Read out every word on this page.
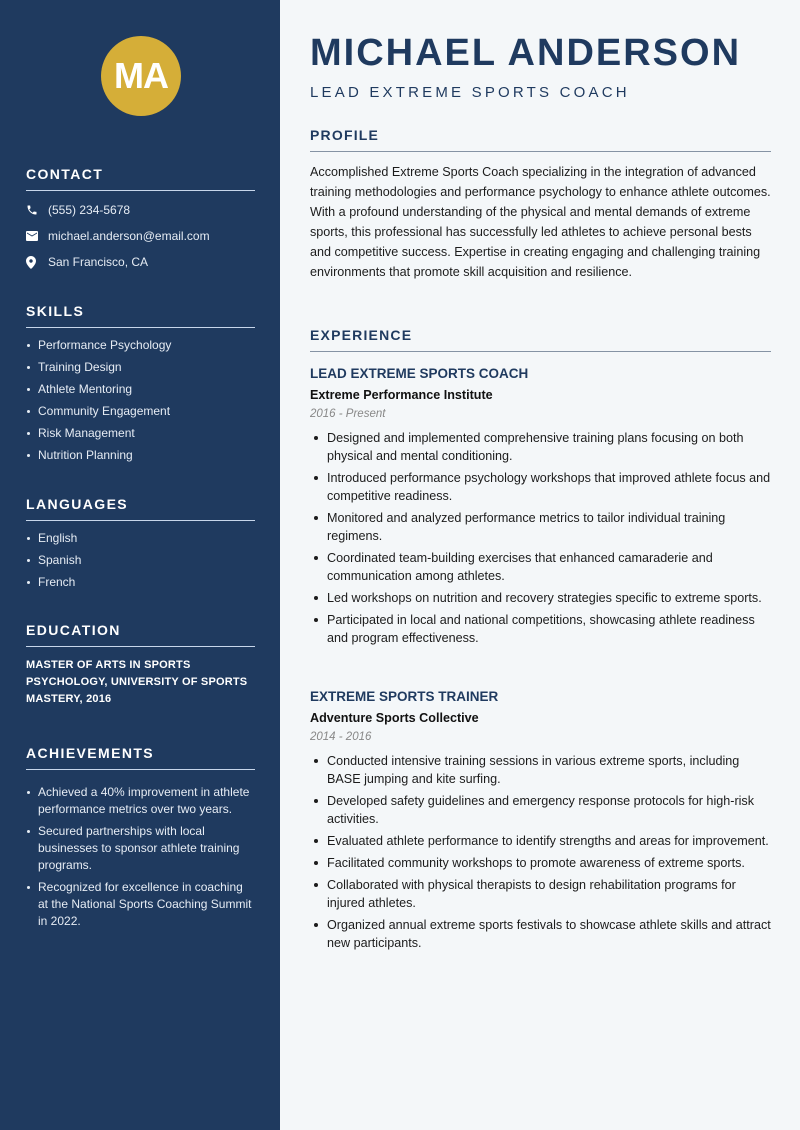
MA
CONTACT
(555) 234-5678
michael.anderson@email.com
San Francisco, CA
SKILLS
Performance Psychology
Training Design
Athlete Mentoring
Community Engagement
Risk Management
Nutrition Planning
LANGUAGES
English
Spanish
French
EDUCATION

MASTER OF ARTS IN SPORTS PSYCHOLOGY, UNIVERSITY OF SPORTS MASTERY, 2016

ACHIEVEMENTS
Achieved a 40% improvement in athlete performance metrics over two years.
Secured partnerships with local businesses to sponsor athlete training programs.
Recognized for excellence in coaching at the National Sports Coaching Summit in 2022.
MICHAEL ANDERSON
LEAD EXTREME SPORTS COACH
PROFILE

Accomplished Extreme Sports Coach specializing in the integration of advanced training methodologies and performance psychology to enhance athlete outcomes. With a profound understanding of the physical and mental demands of extreme sports, this professional has successfully led athletes to achieve personal bests and competitive success. Expertise in creating engaging and challenging training environments that promote skill acquisition and resilience.

EXPERIENCE
LEAD EXTREME SPORTS COACH
Extreme Performance Institute
2016 - Present
Designed and implemented comprehensive training plans focusing on both physical and mental conditioning.
Introduced performance psychology workshops that improved athlete focus and competitive readiness.
Monitored and analyzed performance metrics to tailor individual training regimens.
Coordinated team-building exercises that enhanced camaraderie and communication among athletes.
Led workshops on nutrition and recovery strategies specific to extreme sports.
Participated in local and national competitions, showcasing athlete readiness and program effectiveness.
EXTREME SPORTS TRAINER
Adventure Sports Collective
2014 - 2016
Conducted intensive training sessions in various extreme sports, including BASE jumping and kite surfing.
Developed safety guidelines and emergency response protocols for high-risk activities.
Evaluated athlete performance to identify strengths and areas for improvement.
Facilitated community workshops to promote awareness of extreme sports.
Collaborated with physical therapists to design rehabilitation programs for injured athletes.
Organized annual extreme sports festivals to showcase athlete skills and attract new participants.
